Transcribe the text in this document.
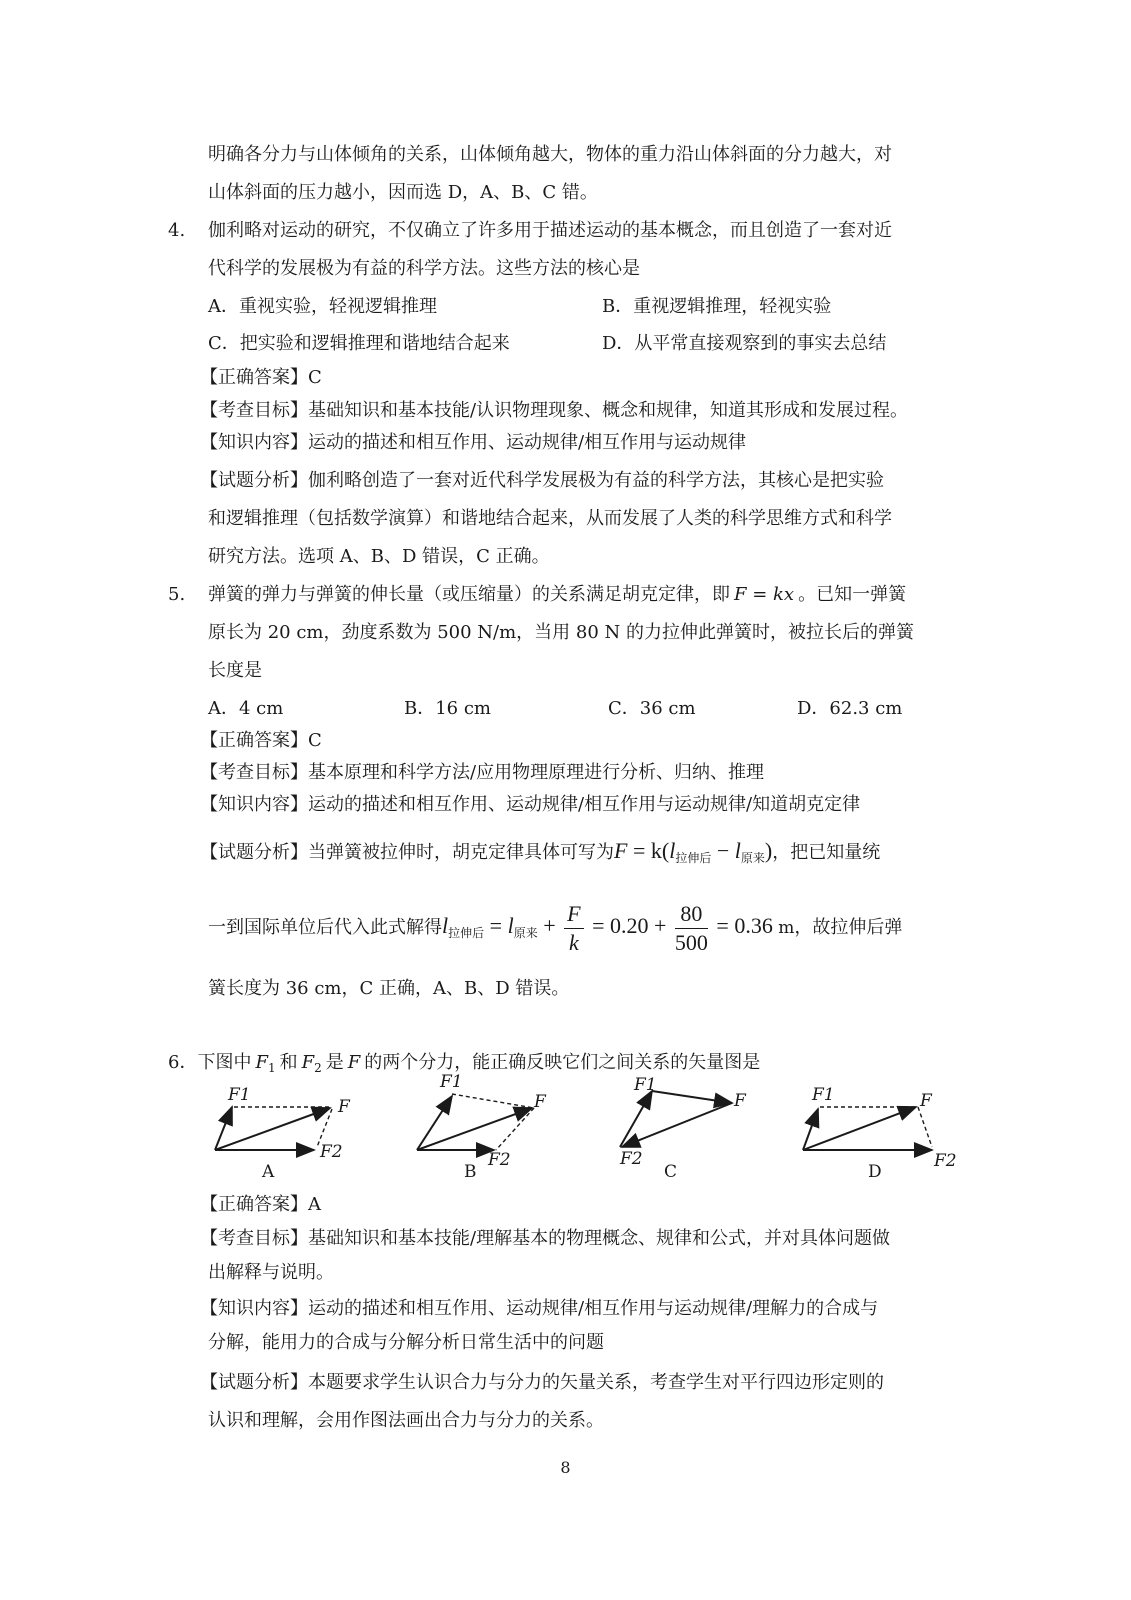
明确各分力与山体倾角的关系，山体倾角越大，物体的重力沿山体斜面的分力越大，对
山体斜面的压力越小，因而选 D，A、B、C 错。
4. 伽利略对运动的研究，不仅确立了许多用于描述运动的基本概念，而且创造了一套对近
代科学的发展极为有益的科学方法。这些方法的核心是
A．重视实验，轻视逻辑推理	B．重视逻辑推理，轻视实验
C．把实验和逻辑推理和谐地结合起来	D．从平常直接观察到的事实去总结
【正确答案】C
【考查目标】基础知识和基本技能/认识物理现象、概念和规律，知道其形成和发展过程。
【知识内容】运动的描述和相互作用、运动规律/相互作用与运动规律
【试题分析】伽利略创造了一套对近代科学发展极为有益的科学方法，其核心是把实验
和逻辑推理（包括数学演算）和谐地结合起来，从而发展了人类的科学思维方式和科学
研究方法。选项 A、B、D 错误，C 正确。
5. 弹簧的弹力与弹簧的伸长量（或压缩量）的关系满足胡克定律，即 F = kx 。已知一弹簧
原长为 20 cm，劲度系数为 500 N/m，当用 80 N 的力拉伸此弹簧时，被拉长后的弹簧
长度是
A．4 cm	B．16 cm	C．36 cm	D．62.3 cm
【正确答案】C
【考查目标】基本原理和科学方法/应用物理原理进行分析、归纳、推理
【知识内容】运动的描述和相互作用、运动规律/相互作用与运动规律/知道胡克定律
【试题分析】当弹簧被拉伸时，胡克定律具体可写为$F = k(l_{拉伸后} - l_{原来})$，把已知量统
一到国际单位后代入此式解得$l_{拉伸后} = l_{原来} + \frac{F}{k} = 0.20 + \frac{80}{500} = 0.36$ m，故拉伸后弹
簧长度为 36 cm，C 正确，A、B、D 错误。
6．下图中 $F_1$ 和 $F_2$ 是 F 的两个分力，能正确反映它们之间关系的矢量图是
F1
F
F2
A
F1
F
F2
B
F1
F
F2
C
F1	F
F2
D
【正确答案】A
【考查目标】基础知识和基本技能/理解基本的物理概念、规律和公式，并对具体问题做
出解释与说明。
【知识内容】运动的描述和相互作用、运动规律/相互作用与运动规律/理解力的合成与
分解，能用力的合成与分解分析日常生活中的问题
【试题分析】本题要求学生认识合力与分力的矢量关系，考查学生对平行四边形定则的
认识和理解，会用作图法画出合力与分力的关系。
8
